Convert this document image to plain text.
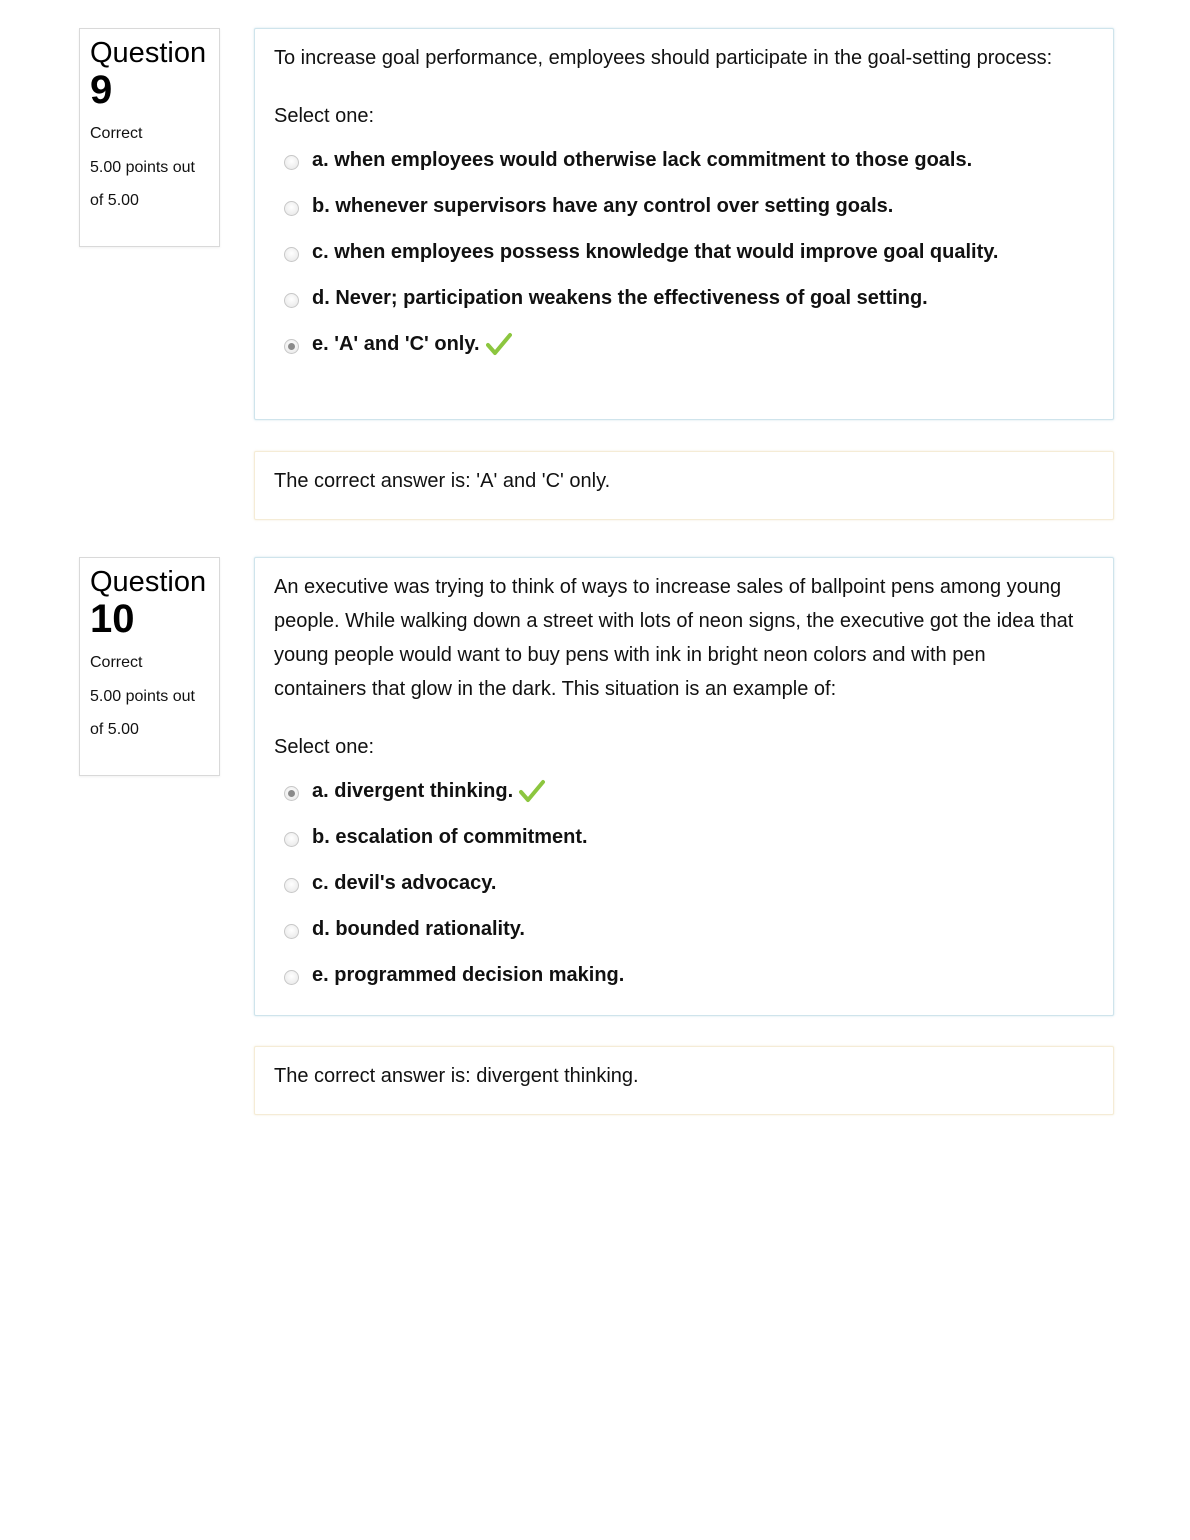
Question
9
Correct
5.00 points out of 5.00
To increase goal performance, employees should participate in the goal-setting process:
Select one:
a. when employees would otherwise lack commitment to those goals.
b. whenever supervisors have any control over setting goals.
c. when employees possess knowledge that would improve goal quality.
d. Never; participation weakens the effectiveness of goal setting.
e. 'A' and 'C' only.
The correct answer is: 'A' and 'C' only.
Question
10
Correct
5.00 points out of 5.00
An executive was trying to think of ways to increase sales of ballpoint pens among young people. While walking down a street with lots of neon signs, the executive got the idea that young people would want to buy pens with ink in bright neon colors and with pen containers that glow in the dark. This situation is an example of:
Select one:
a. divergent thinking.
b. escalation of commitment.
c. devil's advocacy.
d. bounded rationality.
e. programmed decision making.
The correct answer is: divergent thinking.
